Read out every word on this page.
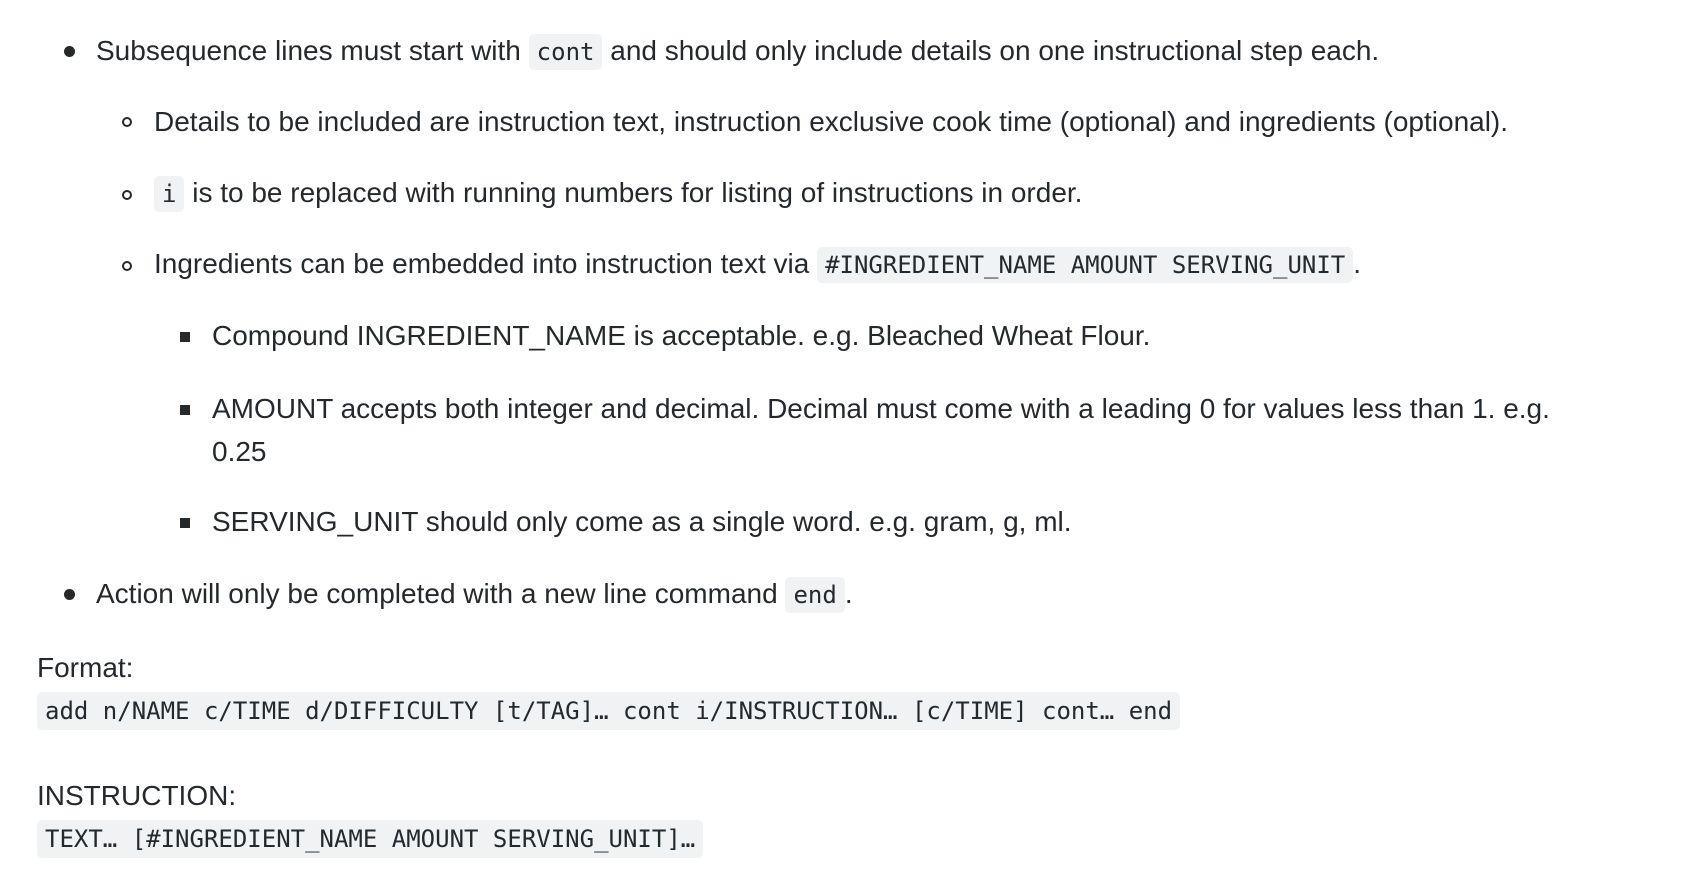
Subsequence lines must start with cont and should only include details on one instructional step each.
Details to be included are instruction text, instruction exclusive cook time (optional) and ingredients (optional).
i is to be replaced with running numbers for listing of instructions in order.
Ingredients can be embedded into instruction text via #INGREDIENT_NAME AMOUNT SERVING_UNIT .
Compound INGREDIENT_NAME is acceptable. e.g. Bleached Wheat Flour.
AMOUNT accepts both integer and decimal. Decimal must come with a leading 0 for values less than 1. e.g.
0.25
SERVING_UNIT should only come as a single word. e.g. gram, g, ml.
Action will only be completed with a new line command end .
Format:
add n/NAME c/TIME d/DIFFICULTY [t/TAG]… cont i/INSTRUCTION… [c/TIME] cont… end
INSTRUCTION:
TEXT… [#INGREDIENT_NAME AMOUNT SERVING_UNIT]…
